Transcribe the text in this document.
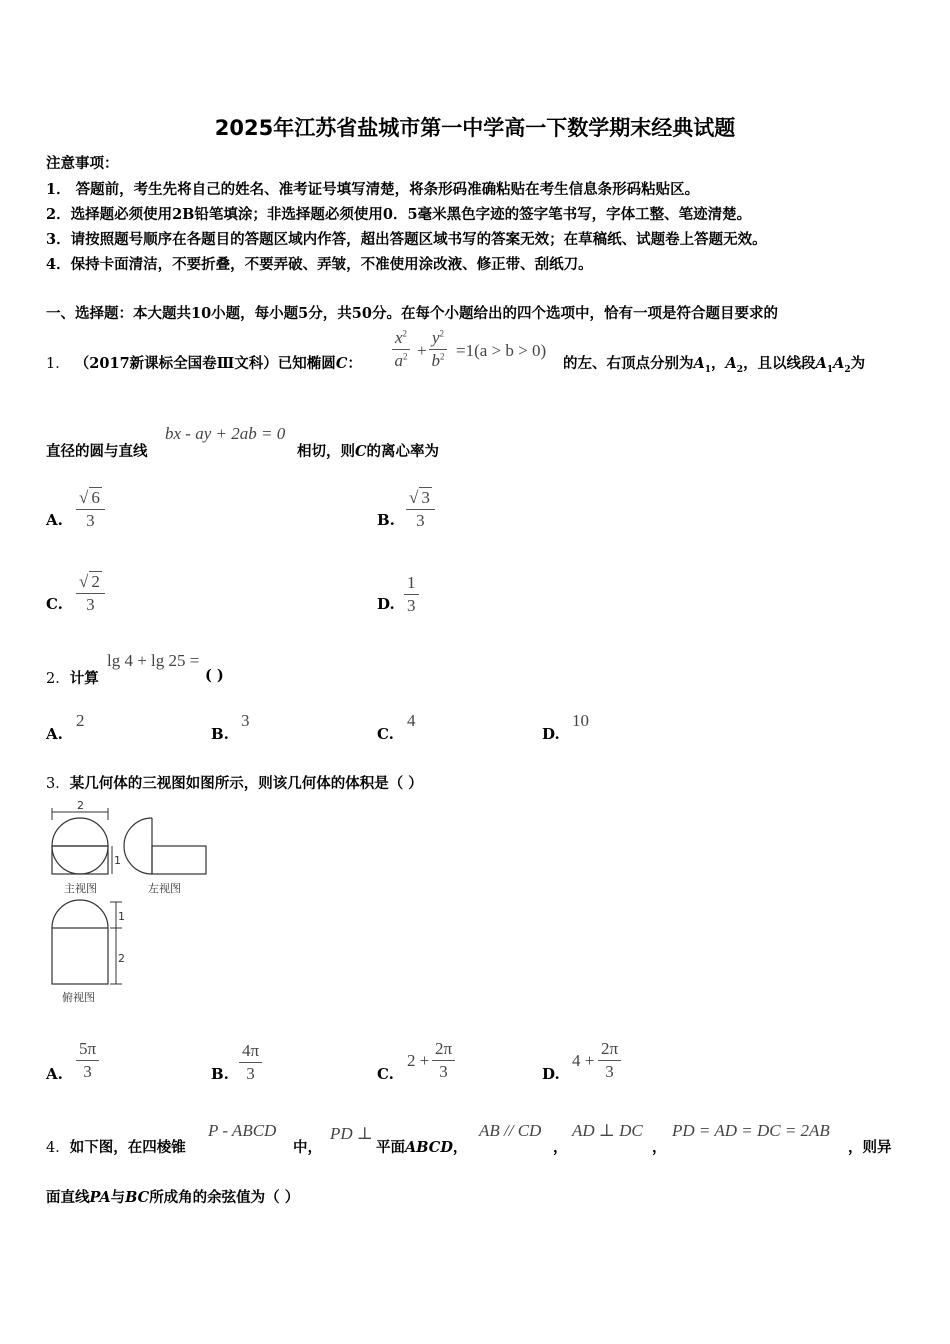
2025年江苏省盐城市第一中学高一下数学期末经典试题
注意事项：
1． 答题前，考生先将自己的姓名、准考证号填写清楚，将条形码准确粘贴在考生信息条形码粘贴区。
2．选择题必须使用2B铅笔填涂；非选择题必须使用0．5毫米黑色字迹的签字笔书写，字体工整、笔迹清楚。
3．请按照题号顺序在各题目的答题区域内作答，超出答题区域书写的答案无效；在草稿纸、试题卷上答题无效。
4．保持卡面清洁，不要折叠，不要弄破、弄皱，不准使用涂改液、修正带、刮纸刀。
一、选择题：本大题共10小题，每小题5分，共50分。在每个小题给出的四个选项中，恰有一项是符合题目要求的
1． （2017新课标全国卷Ⅲ文科）已知椭圆C： $\frac{x^2}{a^2} + \frac{y^2}{b^2} =1(a > b > 0)$
的左、右顶点分别为$A_1$，$A_2$，且以线段$A_1A_2$为
直径的圆与直线
bx - ay + 2ab = 0
相切，则C的离心率为
A. $\frac{√ 6}{3}$	B. $\frac{√ 3}{3}$
C. $\frac{√ 2}{3}$	D. $\frac{1}{3}$
2．计算
lg 4 + lg 25 =
( )
A.
2
B.
3
C.
4
D.
10
3．某几何体的三视图如图所示，则该几何体的体积是（ ）
2
1
主视图	左视图
1
2
俯视图
A. $\frac{5\pi}{3}$	B. $\frac{4\pi}{3}$	C.
$2 + \frac{2\pi}{3}$	D.
$4 + \frac{2\pi}{3}$
4．如下图，在四棱锥
P - ABCD
中，
PD ⊥
平面ABCD，
AB // CD
，
AD ⊥ DC
，
PD = AD = DC = 2AB
，则异
面直线PA与BC所成角的余弦值为（ ）
